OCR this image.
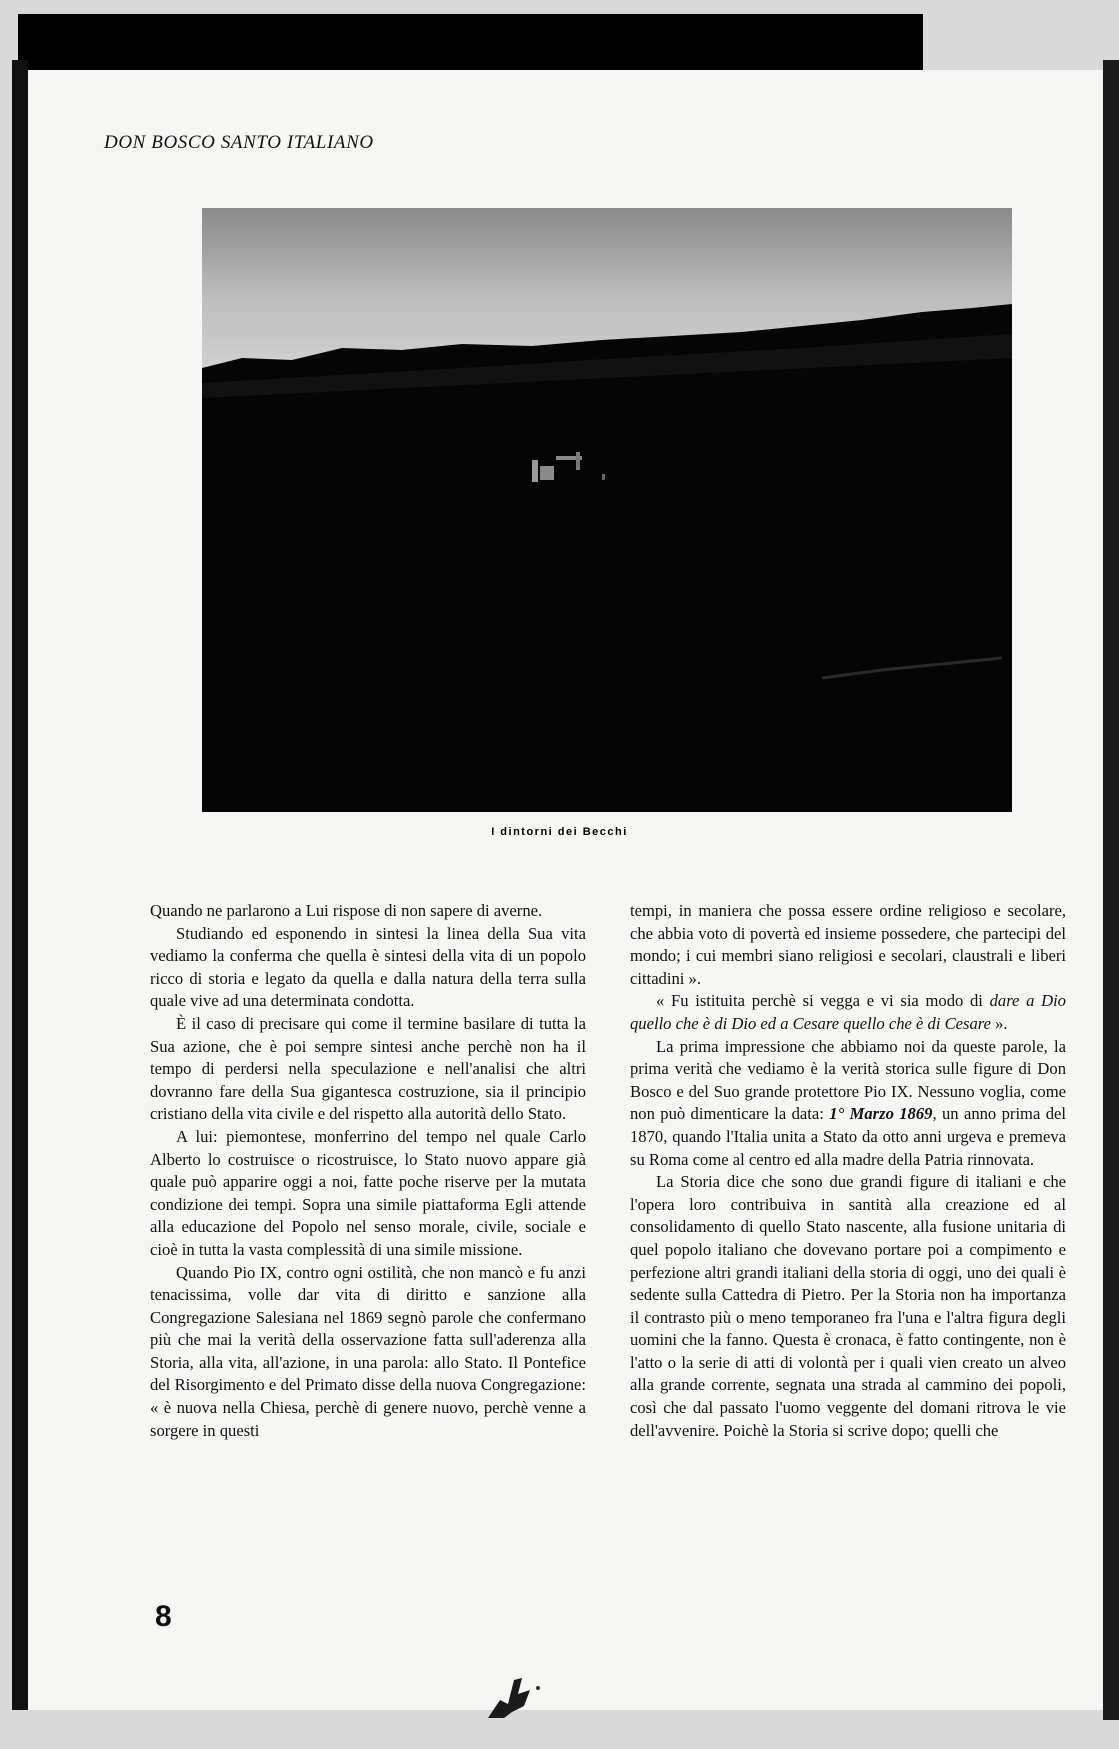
DON BOSCO SANTO ITALIANO
I dintorni dei Becchi

Quando ne parlarono a Lui rispose di non sapere di averne.

Studiando ed esponendo in sintesi la linea della Sua vita vediamo la conferma che quella è sintesi della vita di un popolo ricco di storia e legato da quella e dalla natura della terra sulla quale vive ad una determinata condotta.

È il caso di precisare qui come il termine basilare di tutta la Sua azione, che è poi sempre sintesi anche perchè non ha il tempo di perdersi nella speculazione e nell'analisi che altri dovranno fare della Sua gigantesca costruzione, sia il principio cristiano della vita civile e del rispetto alla autorità dello Stato.

A lui: piemontese, monferrino del tempo nel quale Carlo Alberto lo costruisce o ricostruisce, lo Stato nuovo appare già quale può apparire oggi a noi, fatte poche riserve per la mutata condizione dei tempi. Sopra una simile piattaforma Egli attende alla educazione del Popolo nel senso morale, civile, sociale e cioè in tutta la vasta complessità di una simile missione.

Quando Pio IX, contro ogni ostilità, che non mancò e fu anzi tenacissima, volle dar vita di diritto e sanzione alla Congregazione Salesiana nel 1869 segnò parole che confermano più che mai la verità della osservazione fatta sull'aderenza alla Storia, alla vita, all'azione, in una parola: allo Stato. Il Pontefice del Risorgimento e del Primato disse della nuova Congregazione: « è nuova nella Chiesa, perchè di genere nuovo, perchè venne a sorgere in questi

tempi, in maniera che possa essere ordine religioso e secolare, che abbia voto di povertà ed insieme possedere, che partecipi del mondo; i cui membri siano religiosi e secolari, claustrali e liberi cittadini ».

« Fu istituita perchè si vegga e vi sia modo di dare a Dio quello che è di Dio ed a Cesare quello che è di Cesare ».

La prima impressione che abbiamo noi da queste parole, la prima verità che vediamo è la verità storica sulle figure di Don Bosco e del Suo grande protettore Pio IX. Nessuno voglia, come non può dimenticare la data: 1° Marzo 1869, un anno prima del 1870, quando l'Italia unita a Stato da otto anni urgeva e premeva su Roma come al centro ed alla madre della Patria rinnovata.

La Storia dice che sono due grandi figure di italiani e che l'opera loro contribuiva in santità alla creazione ed al consolidamento di quello Stato nascente, alla fusione unitaria di quel popolo italiano che dovevano portare poi a compimento e perfezione altri grandi italiani della storia di oggi, uno dei quali è sedente sulla Cattedra di Pietro. Per la Storia non ha importanza il contrasto più o meno temporaneo fra l'una e l'altra figura degli uomini che la fanno. Questa è cronaca, è fatto contingente, non è l'atto o la serie di atti di volontà per i quali vien creato un alveo alla grande corrente, segnata una strada al cammino dei popoli, così che dal passato l'uomo veggente del domani ritrova le vie dell'avvenire. Poichè la Storia si scrive dopo; quelli che

8
